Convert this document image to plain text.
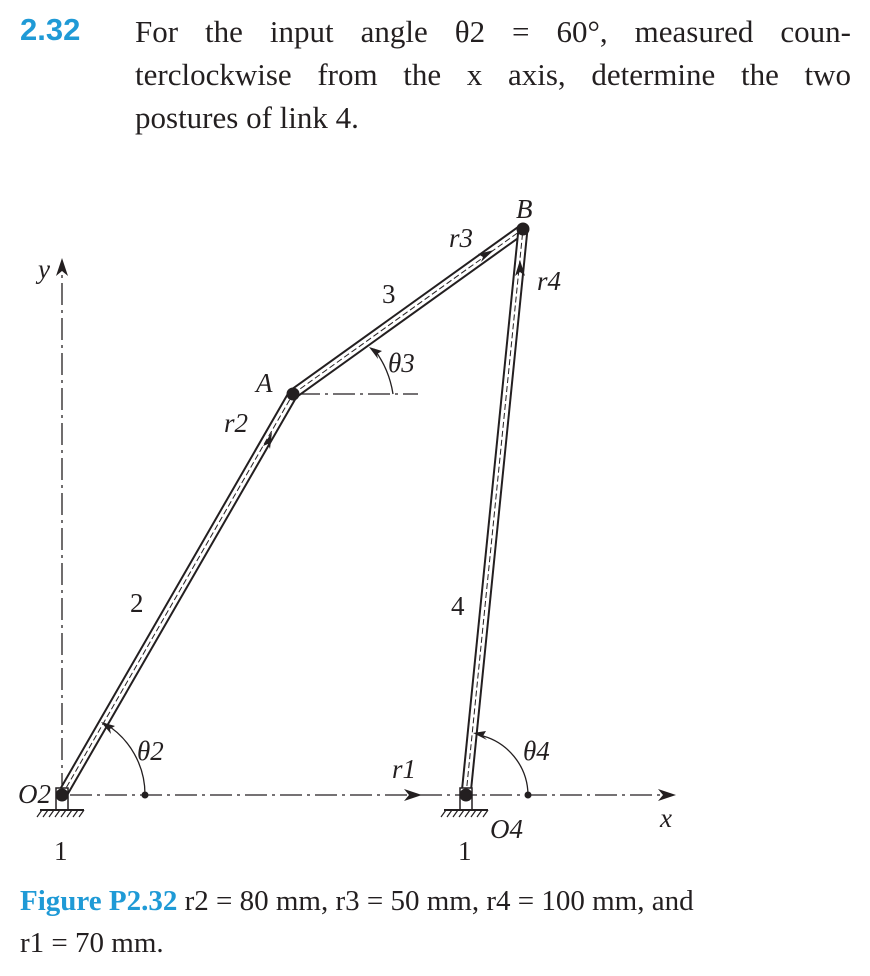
2.32 For the input angle θ2 = 60°, measured coun-
terclockwise from the x axis, determine the two
postures of link 4.
y
x
O2
O4
A
B
1	1
2
3
4
r1
r2
r3
r4
θ2
θ3
θ4
Figure P2.32 r2 = 80 mm, r3 = 50 mm, r4 = 100 mm, and
r1 = 70 mm.
